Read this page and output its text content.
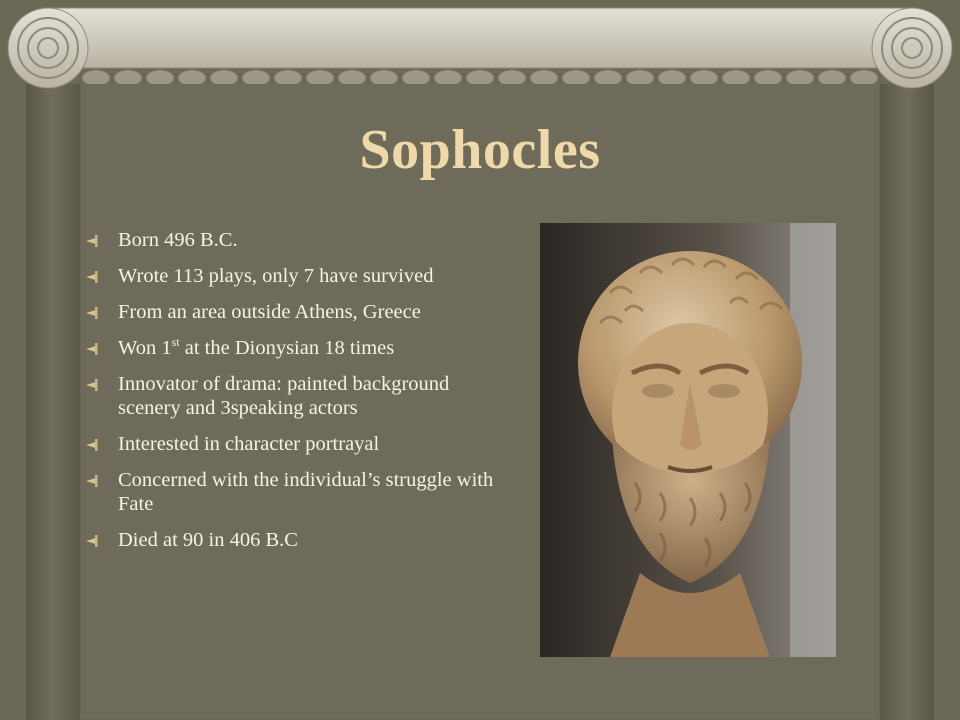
Sophocles
Born 496 B.C.
Wrote 113 plays, only 7 have survived
From an area outside Athens, Greece
Won 1st at the Dionysian 18 times
Innovator of drama: painted background scenery and 3speaking actors
Interested in character portrayal
Concerned with the individual’s struggle with Fate
Died at 90 in 406 B.C
